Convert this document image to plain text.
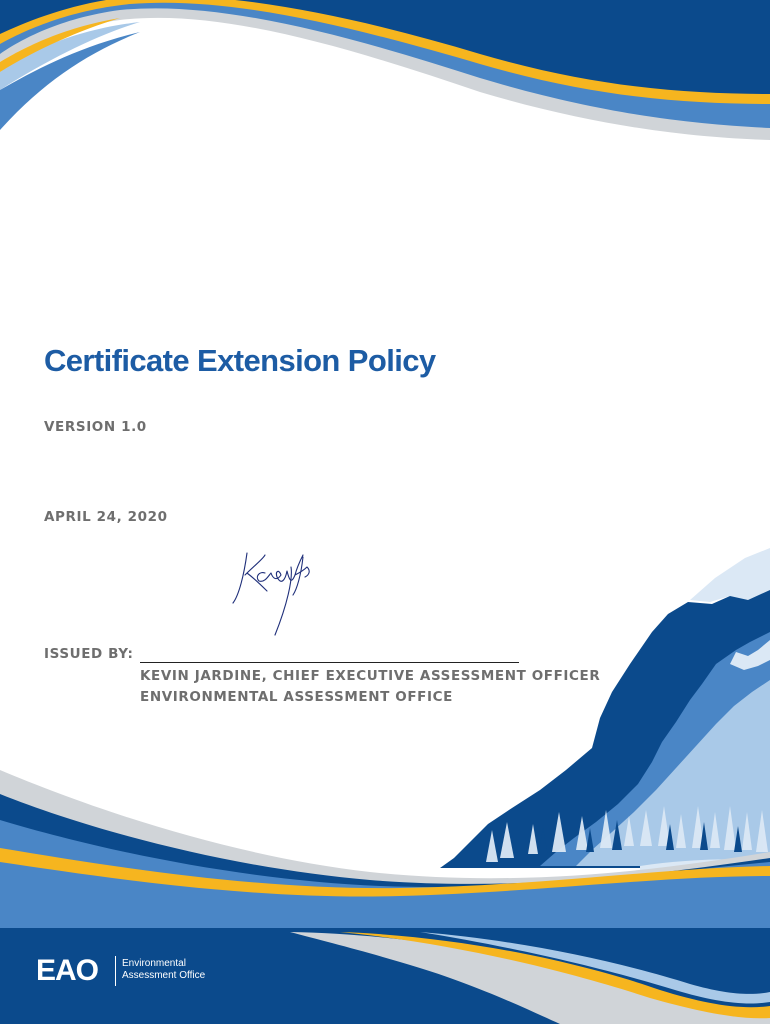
Certificate Extension Policy
VERSION 1.0
APRIL 24, 2020
ISSUED BY:
KEVIN JARDINE, CHIEF EXECUTIVE ASSESSMENT OFFICER
ENVIRONMENTAL ASSESSMENT OFFICE
EAO Environmental
Assessment Office
